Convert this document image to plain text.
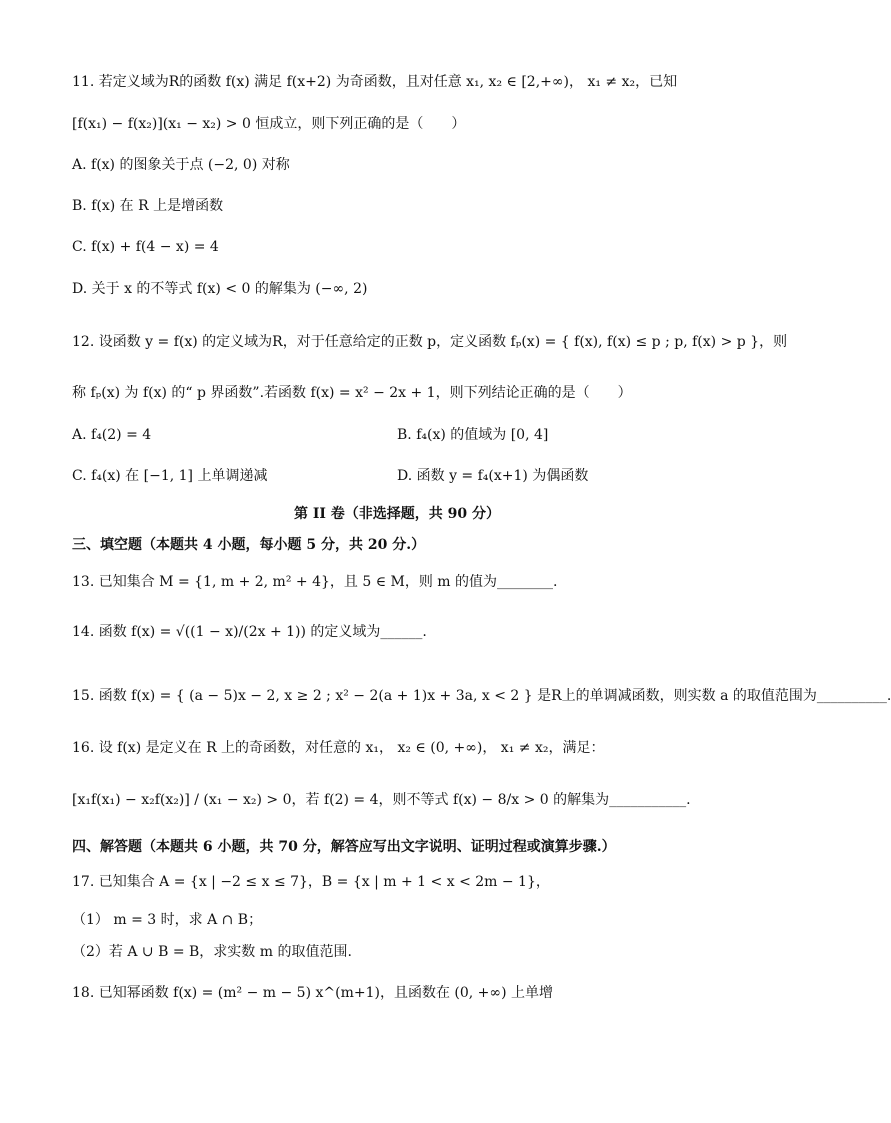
11. 若定义域为R的函数 f(x) 满足 f(x+2) 为奇函数，且对任意 x₁, x₂ ∈ [2,+∞)， x₁ ≠ x₂，已知
[f(x₁) − f(x₂)](x₁ − x₂) > 0 恒成立，则下列正确的是（　　）
A. f(x) 的图象关于点 (−2, 0) 对称
B. f(x) 在 R 上是增函数
C. f(x) + f(4 − x) = 4
D. 关于 x 的不等式 f(x) < 0 的解集为 (−∞, 2)
12. 设函数 y = f(x) 的定义域为R，对于任意给定的正数 p，定义函数 fₚ(x) = { f(x), f(x) ≤ p ; p, f(x) > p }，则
称 fₚ(x) 为 f(x) 的“ p 界函数”.若函数 f(x) = x² − 2x + 1，则下列结论正确的是（　　）
A. f₄(2) = 4	B. f₄(x) 的值域为 [0, 4]
C. f₄(x) 在 [−1, 1] 上单调递减	D. 函数 y = f₄(x+1) 为偶函数
第 II 卷（非选择题，共 90 分）
三、填空题（本题共 4 小题，每小题 5 分，共 20 分.）
13. 已知集合 M = {1, m + 2, m² + 4}，且 5 ∈ M，则 m 的值为________.
14. 函数 f(x) = √((1 − x)/(2x + 1)) 的定义域为______.
15. 函数 f(x) = { (a − 5)x − 2, x ≥ 2 ; x² − 2(a + 1)x + 3a, x < 2 } 是R上的单调减函数，则实数 a 的取值范围为__________.
16. 设 f(x) 是定义在 R 上的奇函数，对任意的 x₁， x₂ ∈ (0, +∞)， x₁ ≠ x₂，满足：
[x₁f(x₁) − x₂f(x₂)] / (x₁ − x₂) > 0，若 f(2) = 4，则不等式 f(x) − 8/x > 0 的解集为___________.
四、解答题（本题共 6 小题，共 70 分，解答应写出文字说明、证明过程或演算步骤.）
17. 已知集合 A = {x | −2 ≤ x ≤ 7}，B = {x | m + 1 < x < 2m − 1}，
（1） m = 3 时，求 A ∩ B；
（2）若 A ∪ B = B，求实数 m 的取值范围.
18. 已知幂函数 f(x) = (m² − m − 5) x^(m+1)，且函数在 (0, +∞) 上单增
